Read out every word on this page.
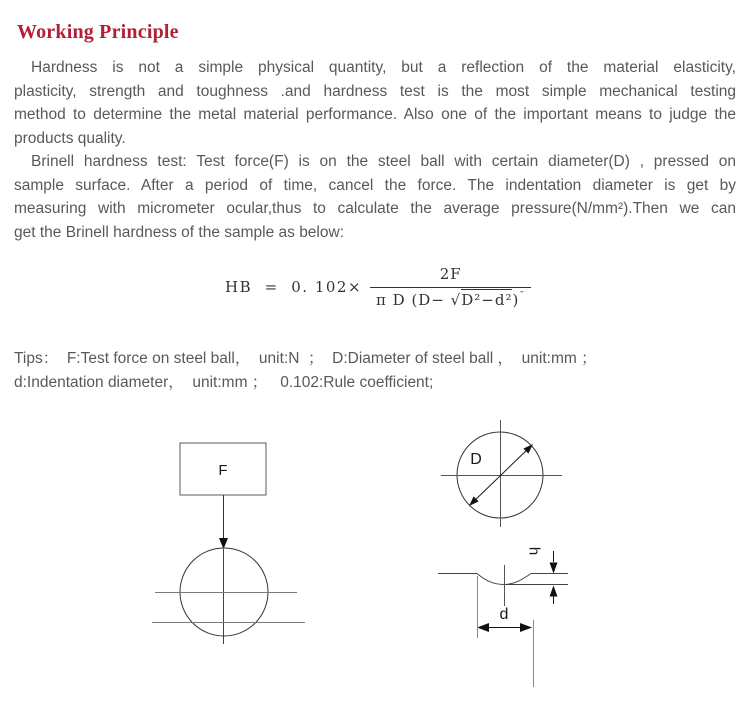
Working Principle
Hardness is not a simple physical quantity, but a reflection of the material elasticity,
plasticity, strength and toughness .and hardness test is the most simple mechanical testing
method to determine the metal material performance. Also one of the important means to judge the
products quality.
Brinell hardness test: Test force(F) is on the steel ball with certain diameter(D) , pressed on
sample surface. After a period of time, cancel the force. The indentation diameter is get by
measuring with micrometer ocular,thus to calculate the average pressure(N/mm²).Then we can
get the Brinell hardness of the sample as below:
HB  =  0. $102\times \frac{2F}{\pi D (D- √D^2-d^2)^¯}$
Tips：  F:Test force on steel ball，  unit:N  ；  D:Diameter of steel ball ，  unit:mm ；
d:Indentation diameter，  unit:mm ；   0.102:Rule coefficient;
F
D
d
h
